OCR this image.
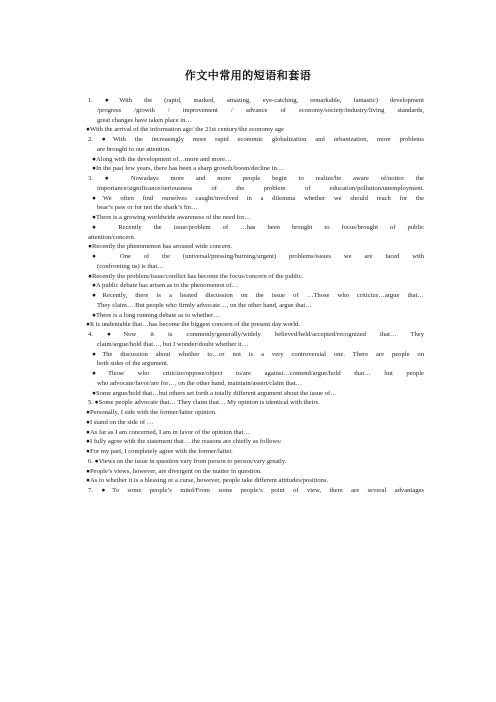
作文中常用的短语和套语
1. ●With the (rapid, marked, amazing, eye-catching, remarkable, fantastic) development
/progress /growth / improvement / advance of economy/society/industry/living standards,
great changes have taken place in…
●With the arrival of the information age/ the 21st century/the economy age
2. ●With the increasingly more rapid economic globalization and urbanization, more problems
are brought to our attention.
●Along with the development of…more and more…
●In the past few years, there has been a sharp growth/boom/decline in…
3. ● Nowadays more and more people begin to realize/be aware of/notice the
importance/significance/seriousness of the problem of education/pollution/unemployment.
●We often find ourselves caught/involved in a dilemma whether we should reach for the
bear’s paw or for not the shark’s fin…
●There is a growing worldwide awareness of the need for…
● Recently the issue/problem of …has been brought to focus/brought of public
attention/concern.
●Recently the phenomenon has aroused wide concern.
● One of the (universal/pressing/burning/urgent) problems/issues we are faced with
(confronting us) is that…
●Recently the problem/issue/conflict has become the focus/concern of the public.
●A public debate has arisen as to the phenomenon of…
●Recently, there is a heated discussion on the issue of …Those who criticize…argue that…
They claim… But people who firmly advocate…, on the other hand, argue that…
●There is a long running debate as to whether…
●It is undeniable that…has become the biggest concern of the present day world.
4. ●Now it is commonly/generally/widely believed/held/accepted/recognized that… They
claim/argue/hold that…, but I wonder/doubt whether it…
●The discussion about whether to…or not is a very controversial one. There are people on
both sides of the argument.
●Those who criticize/oppose/object to/are against…contend/argue/hold that… but people
who advocate/favor/are for…, on the other hand, maintain/assert/claim that…
●Some argue/hold that…but others set forth a totally different argument about the issue of…
5. ●Some people advocate that… They claim that… My opinion is identical with theirs.
●Personally, I side with the former/latter opinion.
●I stand on the side of …
●As far as I am concerned, I am in favor of the opinion that…
●I fully agree with the statement that… the reasons are chiefly as follows:
●For my part, I completely agree with the former/latter.
6. ●Views on the issue in question vary from person to person/vary greatly.
●People’s views, however, are divergent on the matter in question.
●As to whether it is a blessing or a curse, however, people take different attitudes/positions.
7. ●To some people’s mind/From some people’s point of view, there are several advantages
